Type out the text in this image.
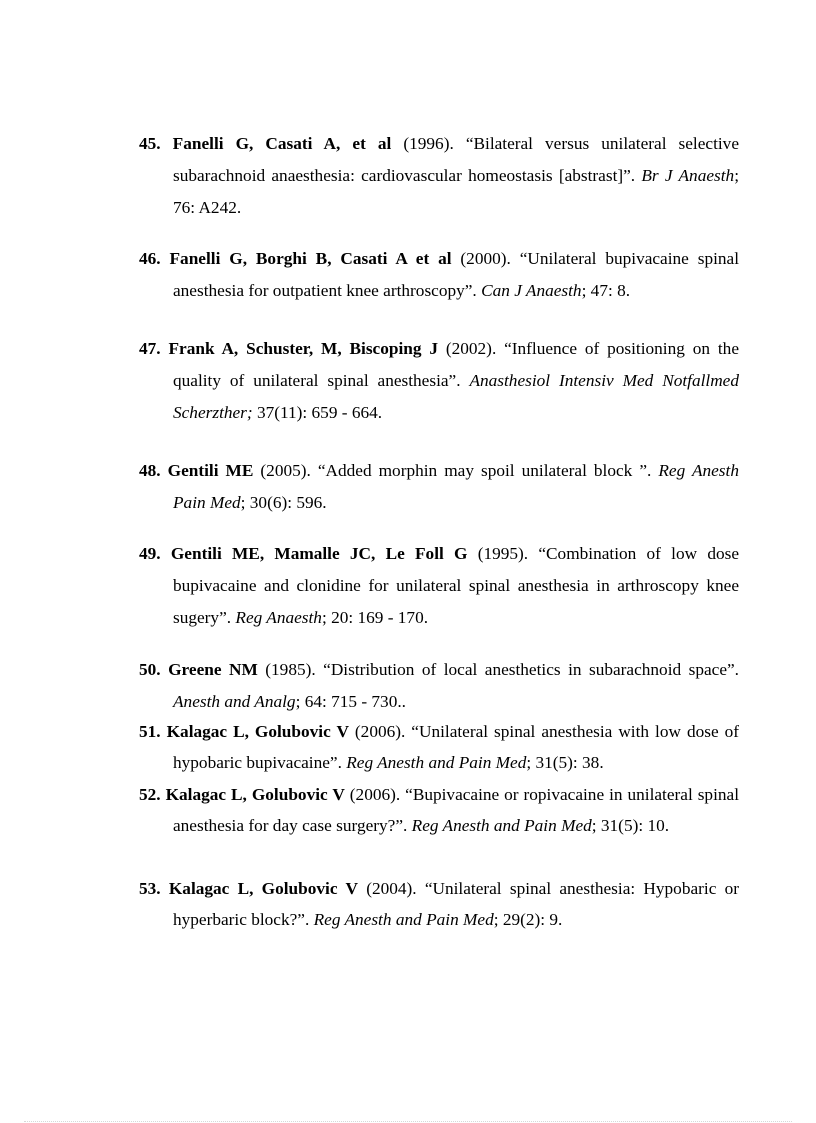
45. Fanelli G, Casati A, et al (1996). “Bilateral versus unilateral selective subarachnoid anaesthesia: cardiovascular homeostasis [abstrast]”. Br J Anaesth; 76: A242.

46. Fanelli G, Borghi B, Casati A et al (2000). “Unilateral bupivacaine spinal anesthesia for outpatient knee arthroscopy”. Can J Anaesth; 47: 8.

47. Frank A, Schuster, M, Biscoping J (2002). “Influence of positioning on the quality of unilateral spinal anesthesia”. Anasthesiol Intensiv Med Notfallmed Scherzther; 37(11): 659 - 664.

48. Gentili ME (2005). “Added morphin may spoil unilateral block ”. Reg Anesth Pain Med; 30(6): 596.

49. Gentili ME, Mamalle JC, Le Foll G (1995). “Combination of low dose bupivacaine and clonidine for unilateral spinal anesthesia in arthroscopy knee sugery”. Reg Anaesth; 20: 169 - 170.

50. Greene NM (1985). “Distribution of local anesthetics in subarachnoid space”. Anesth and Analg; 64: 715 - 730..

51. Kalagac L, Golubovic V (2006). “Unilateral spinal anesthesia with low dose of hypobaric bupivacaine”. Reg Anesth and Pain Med; 31(5): 38.

52. Kalagac L, Golubovic V (2006). “Bupivacaine or ropivacaine in unilateral spinal anesthesia for day case surgery?”. Reg Anesth and Pain Med; 31(5): 10.

53. Kalagac L, Golubovic V (2004). “Unilateral spinal anesthesia: Hypobaric or hyperbaric block?”. Reg Anesth and Pain Med; 29(2): 9.
